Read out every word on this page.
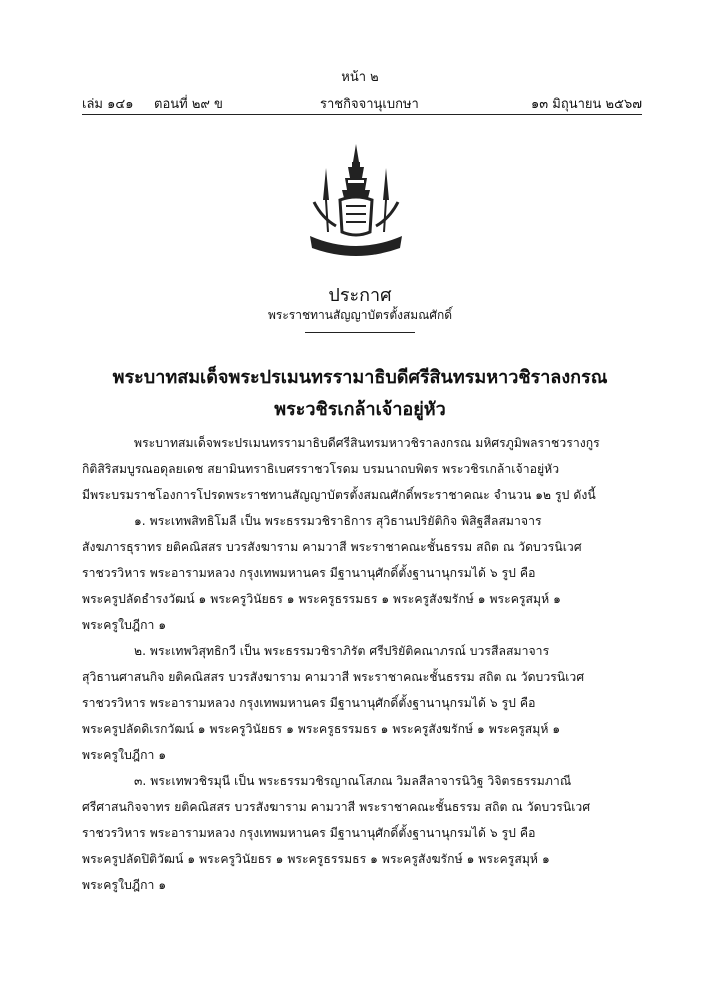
หน้า ๒
เล่ม ๑๔๑ ตอนที่ ๒๙ ข	ราชกิจจานุเบกษา	๑๓ มิถุนายน ๒๕๖๗
ประกาศ
พระราชทานสัญญาบัตรตั้งสมณศักดิ์
พระบาทสมเด็จพระปรเมนทรรามาธิบดีศรีสินทรมหาวชิราลงกรณ
พระวชิรเกล้าเจ้าอยู่หัว
พระบาทสมเด็จพระปรเมนทรรามาธิบดีศรีสินทรมหาวชิราลงกรณ มหิศรภูมิพลราชวรางกูร
กิติสิริสมบูรณอดุลยเดช สยามินทราธิเบศรราชวโรดม บรมนาถบพิตร พระวชิรเกล้าเจ้าอยู่หัว
มีพระบรมราชโองการโปรดพระราชทานสัญญาบัตรตั้งสมณศักดิ์พระราชาคณะ จำนวน ๑๒ รูป ดังนี้
๑. พระเทพสิทธิโมลี เป็น พระธรรมวชิราธิการ สุวิธานปริยัติกิจ พิสิฐสีลสมาจาร
สังฆภารธุราทร ยติคณิสสร บวรสังฆาราม คามวาสี พระราชาคณะชั้นธรรม สถิต ณ วัดบวรนิเวศ
ราชวรวิหาร พระอารามหลวง กรุงเทพมหานคร มีฐานานุศักดิ์ตั้งฐานานุกรมได้ ๖ รูป คือ
พระครูปลัดธำรงวัฒน์ ๑ พระครูวินัยธร ๑ พระครูธรรมธร ๑ พระครูสังฆรักษ์ ๑ พระครูสมุห์ ๑
พระครูใบฎีกา ๑
๒. พระเทพวิสุทธิกวี เป็น พระธรรมวชิราภิรัต ศรีปริยัติคณาภรณ์ บวรสีลสมาจาร
สุวิธานศาสนกิจ ยติคณิสสร บวรสังฆาราม คามวาสี พระราชาคณะชั้นธรรม สถิต ณ วัดบวรนิเวศ
ราชวรวิหาร พระอารามหลวง กรุงเทพมหานคร มีฐานานุศักดิ์ตั้งฐานานุกรมได้ ๖ รูป คือ
พระครูปลัดดิเรกวัฒน์ ๑ พระครูวินัยธร ๑ พระครูธรรมธร ๑ พระครูสังฆรักษ์ ๑ พระครูสมุห์ ๑
พระครูใบฎีกา ๑
๓. พระเทพวชิรมุนี เป็น พระธรรมวชิรญาณโสภณ วิมลสีลาจารนิวิฐ วิจิตรธรรมภาณี
ศรีศาสนกิจจาทร ยติคณิสสร บวรสังฆาราม คามวาสี พระราชาคณะชั้นธรรม สถิต ณ วัดบวรนิเวศ
ราชวรวิหาร พระอารามหลวง กรุงเทพมหานคร มีฐานานุศักดิ์ตั้งฐานานุกรมได้ ๖ รูป คือ
พระครูปลัดปิติวัฒน์ ๑ พระครูวินัยธร ๑ พระครูธรรมธร ๑ พระครูสังฆรักษ์ ๑ พระครูสมุห์ ๑
พระครูใบฎีกา ๑
